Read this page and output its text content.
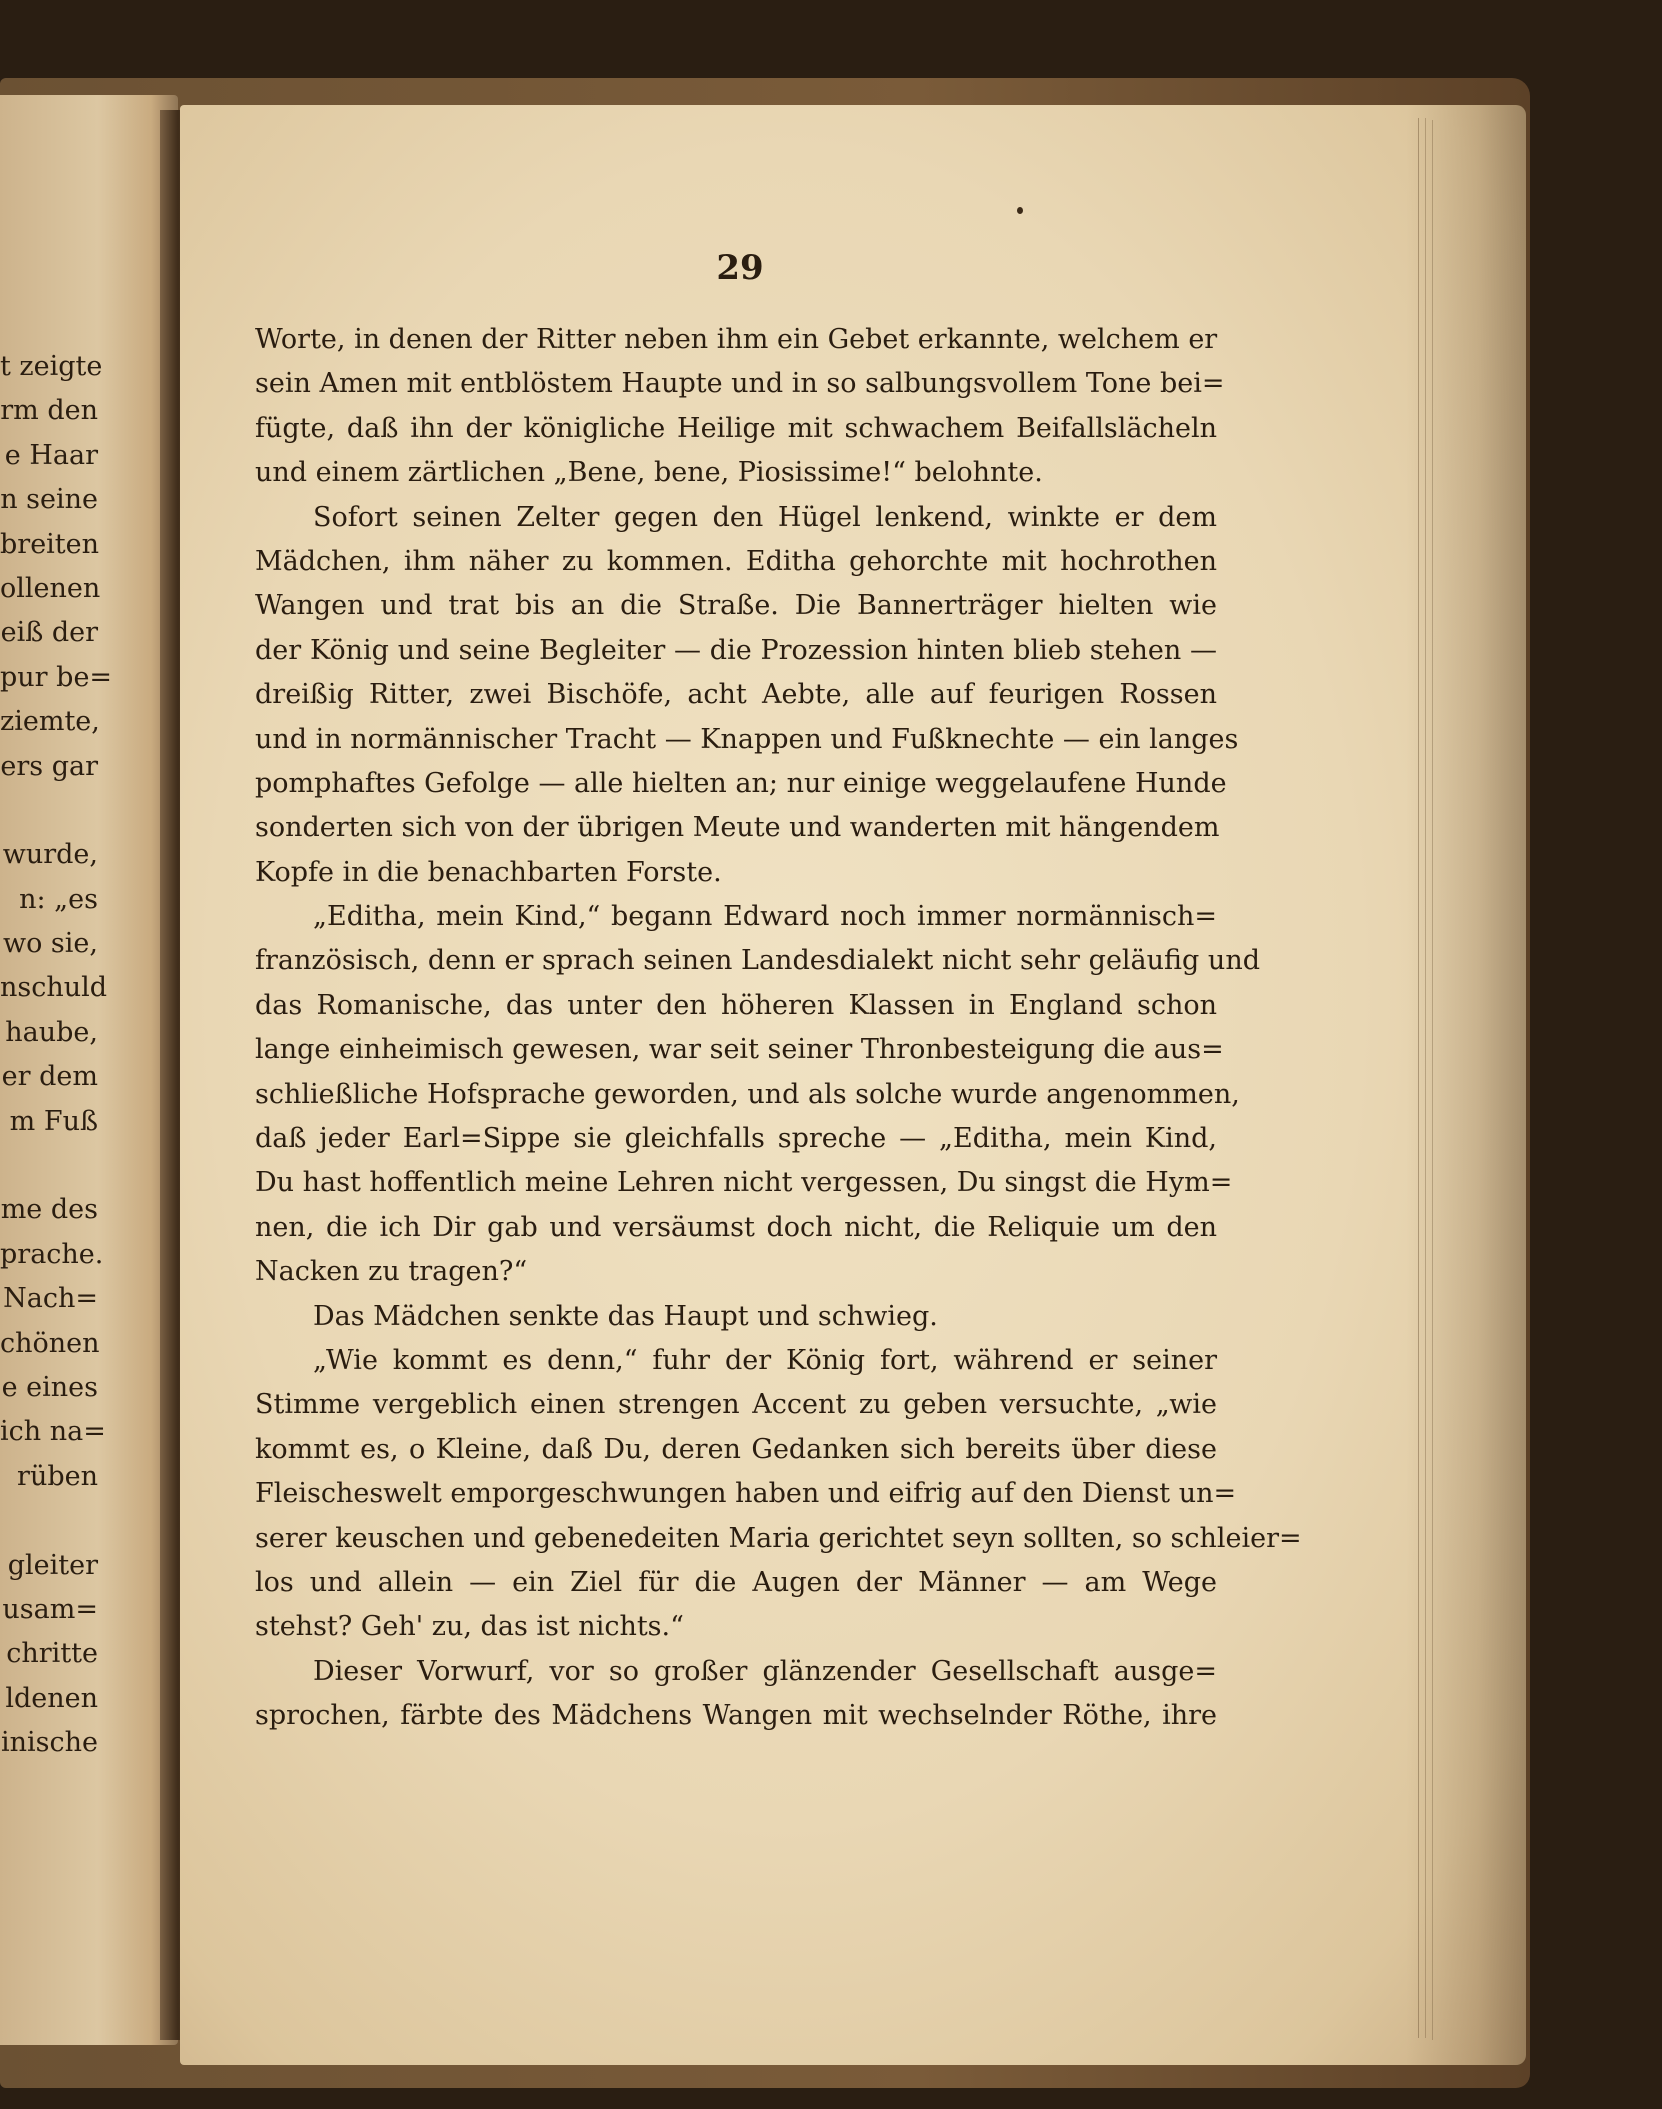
t zeigte
rm den
e Haar
n seine
breiten
ollenen
eiß der
pur be=
ziemte,
ers gar
wurde,
n: „es
wo sie,
nschuld
haube,
er dem
m Fuß
me des
prache.
Nach=
chönen
e eines
ich na=
rüben
gleiter
usam=
chritte
ldenen
inische
29
Worte, in denen der Ritter neben ihm ein Gebet erkannte, welchem er
sein Amen mit entblöstem Haupte und in so salbungsvollem Tone bei=
fügte, daß ihn der königliche Heilige mit schwachem Beifallslächeln
und einem zärtlichen „Bene, bene, Piosissime!“ belohnte.
Sofort seinen Zelter gegen den Hügel lenkend, winkte er dem
Mädchen, ihm näher zu kommen. Editha gehorchte mit hochrothen
Wangen und trat bis an die Straße. Die Bannerträger hielten wie
der König und seine Begleiter — die Prozession hinten blieb stehen —
dreißig Ritter, zwei Bischöfe, acht Aebte, alle auf feurigen Rossen
und in normännischer Tracht — Knappen und Fußknechte — ein langes
pomphaftes Gefolge — alle hielten an; nur einige weggelaufene Hunde
sonderten sich von der übrigen Meute und wanderten mit hängendem
Kopfe in die benachbarten Forste.
„Editha, mein Kind,“ begann Edward noch immer normännisch=
französisch, denn er sprach seinen Landesdialekt nicht sehr geläufig und
das Romanische, das unter den höheren Klassen in England schon
lange einheimisch gewesen, war seit seiner Thronbesteigung die aus=
schließliche Hofsprache geworden, und als solche wurde angenommen,
daß jeder Earl=Sippe sie gleichfalls spreche — „Editha, mein Kind,
Du hast hoffentlich meine Lehren nicht vergessen, Du singst die Hym=
nen, die ich Dir gab und versäumst doch nicht, die Reliquie um den
Nacken zu tragen?“
Das Mädchen senkte das Haupt und schwieg.
„Wie kommt es denn,“ fuhr der König fort, während er seiner
Stimme vergeblich einen strengen Accent zu geben versuchte, „wie
kommt es, o Kleine, daß Du, deren Gedanken sich bereits über diese
Fleischeswelt emporgeschwungen haben und eifrig auf den Dienst un=
serer keuschen und gebenedeiten Maria gerichtet seyn sollten, so schleier=
los und allein — ein Ziel für die Augen der Männer — am Wege
stehst? Geh' zu, das ist nichts.“
Dieser Vorwurf, vor so großer glänzender Gesellschaft ausge=
sprochen, färbte des Mädchens Wangen mit wechselnder Röthe, ihre
